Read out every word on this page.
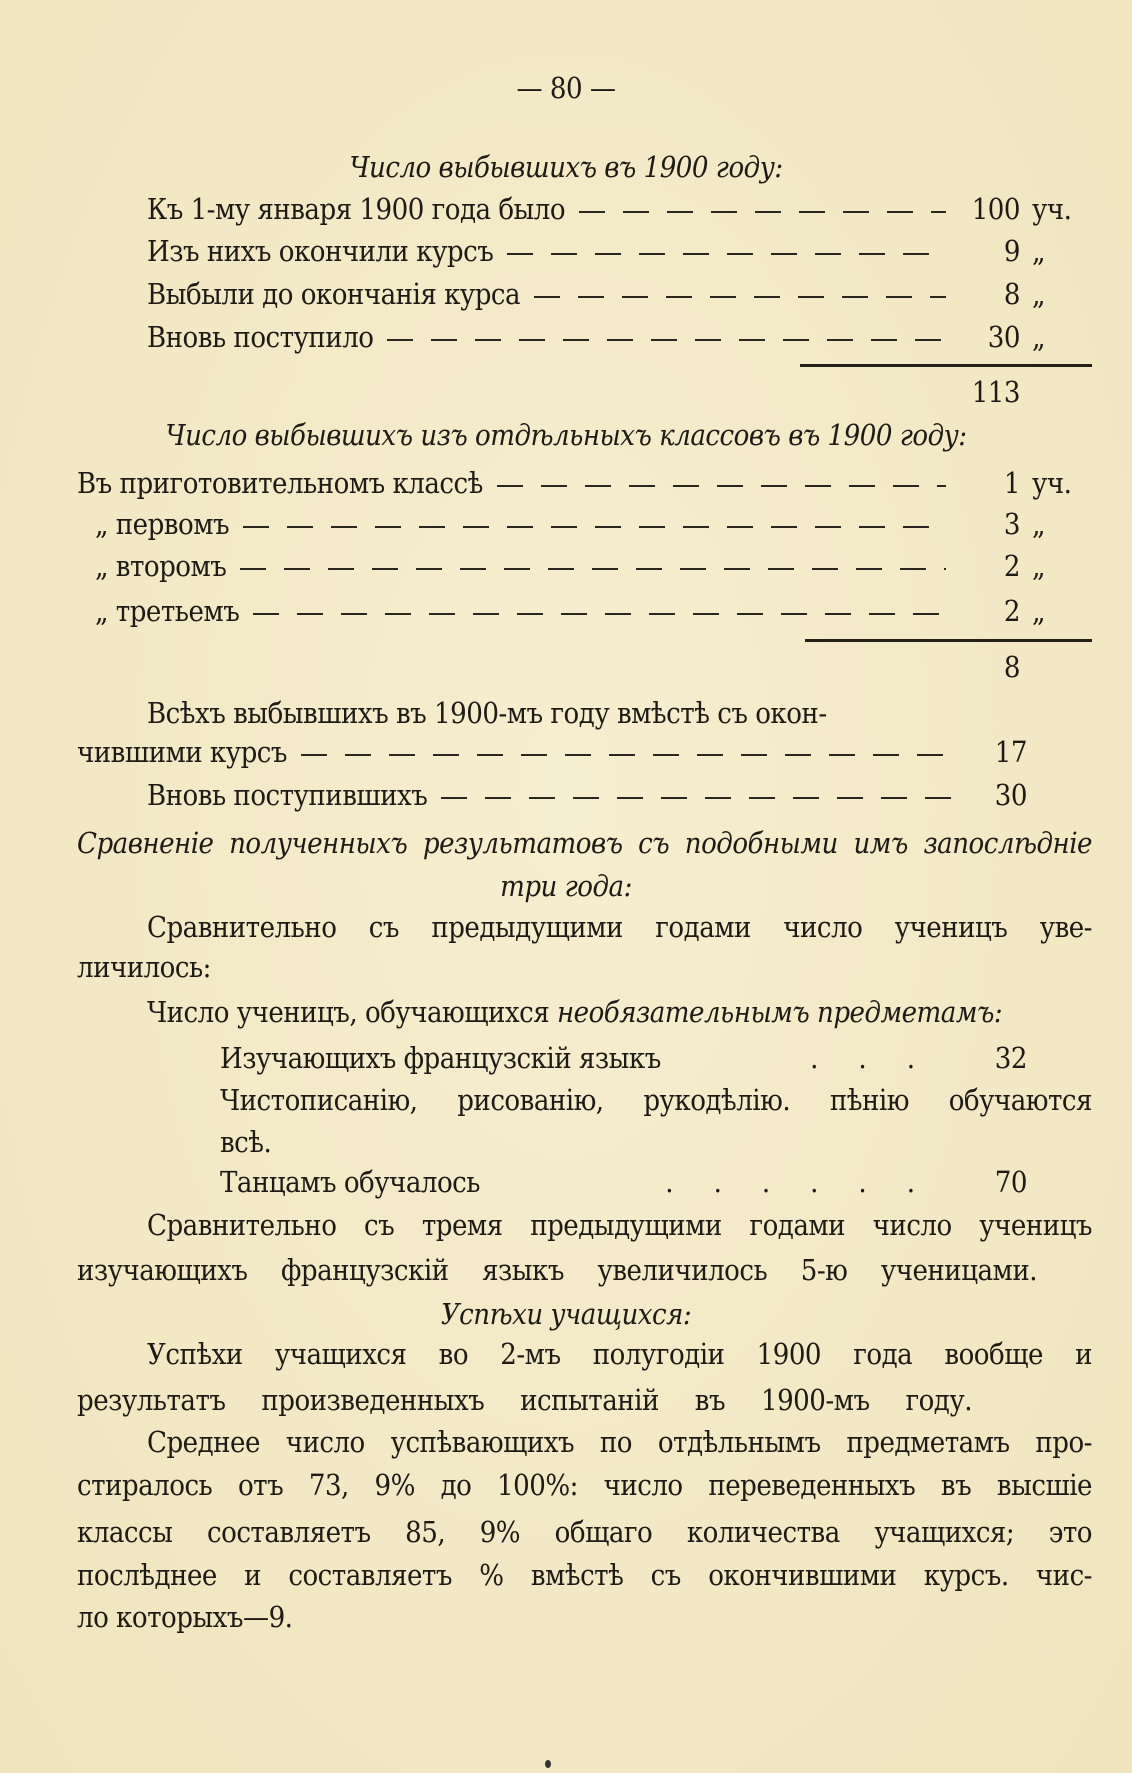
— 80 —
Число выбывшихъ въ 1900 году:
Къ 1-му января 1900 года было	100 уч.
Изъ нихъ окончили курсъ	9 „
Выбыли до окончанія курса	8 „
Вновь поступило	30 „
113
Число выбывшихъ изъ отдѣльныхъ классовъ въ 1900 году:
Въ приготовительномъ классѣ	1 уч.
„ первомъ	3 „
„ второмъ	2 „
„ третьемъ	2 „
8
Всѣхъ выбывшихъ въ 1900-мъ году вмѣстѣ съ окон-
чившими курсъ	17
Вновь поступившихъ	30
Сравненіе полученныхъ результатовъ съ подобными имъ запослѣдніе
три года:
Сравнительно съ предыдущими годами число ученицъ уве-
личилось:
Число ученицъ, обучающихся необязательнымъ предметамъ:
Изучающихъ французскій языкъ	...	32
Чистописанію, рисованію, рукодѣлію. пѣнію обучаются
всѣ.
Танцамъ обучалось	......	70
Сравнительно съ тремя предыдущими годами число ученицъ
изучающихъ французскій языкъ увеличилось 5-ю ученицами.
Успѣхи учащихся:
Успѣхи учащихся во 2-мъ полугодіи 1900 года вообще и
результатъ произведенныхъ испытаній въ 1900-мъ году.
Среднее число успѣвающихъ по отдѣльнымъ предметамъ про-
стиралось отъ 73, 9% до 100%: число переведенныхъ въ высшіе
классы составляетъ 85, 9% общаго количества учащихся; это
послѣднее и составляетъ % вмѣстѣ съ окончившими курсъ. чис-
ло которыхъ—9.
